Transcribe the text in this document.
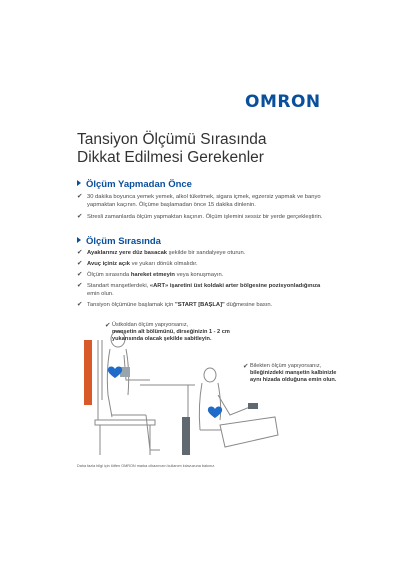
OMRON
Tansiyon Ölçümü Sırasında
Dikkat Edilmesi Gerekenler
Ölçüm Yapmadan Önce
✔ 30 dakika boyunca yemek yemek, alkol tüketmek, sigara içmek, egzersiz yapmak ve banyo yapmaktan kaçının. Ölçüme başlamadan önce 15 dakika dinlenin.
✔ Stresli zamanlarda ölçüm yapmaktan kaçının. Ölçüm işlemini sessiz bir yerde gerçekleştirin.
Ölçüm Sırasında
✔ Ayaklarınız yere düz basacak şekilde bir sandalyeye oturun.
✔ Avuç içiniz açık ve yukarı dönük olmalıdır.
✔ Ölçüm sırasında hareket etmeyin veya konuşmayın.
✔ Standart manşetlerdeki, «ART» işaretini üst koldaki arter bölgesine pozisyonladığınıza emin olun.
✔ Tansiyon ölçümüne başlamak için "START [BAŞLA]" düğmesine basın.
✔ Üstkoldan ölçüm yapıyorsanız,
manşetin alt bölümünü, dirseğinizin 1 - 2 cm yukarısında olacak şekilde sabitleyin.
✔ Bilekten ölçüm yapıyorsanız,
bileğinizdeki manşetin kalbinizle aynı hizada olduğuna emin olun.
Daha fazla bilgi için lütfen OMRON marka cihazınızın kullanım kılavuzuna bakınız.
